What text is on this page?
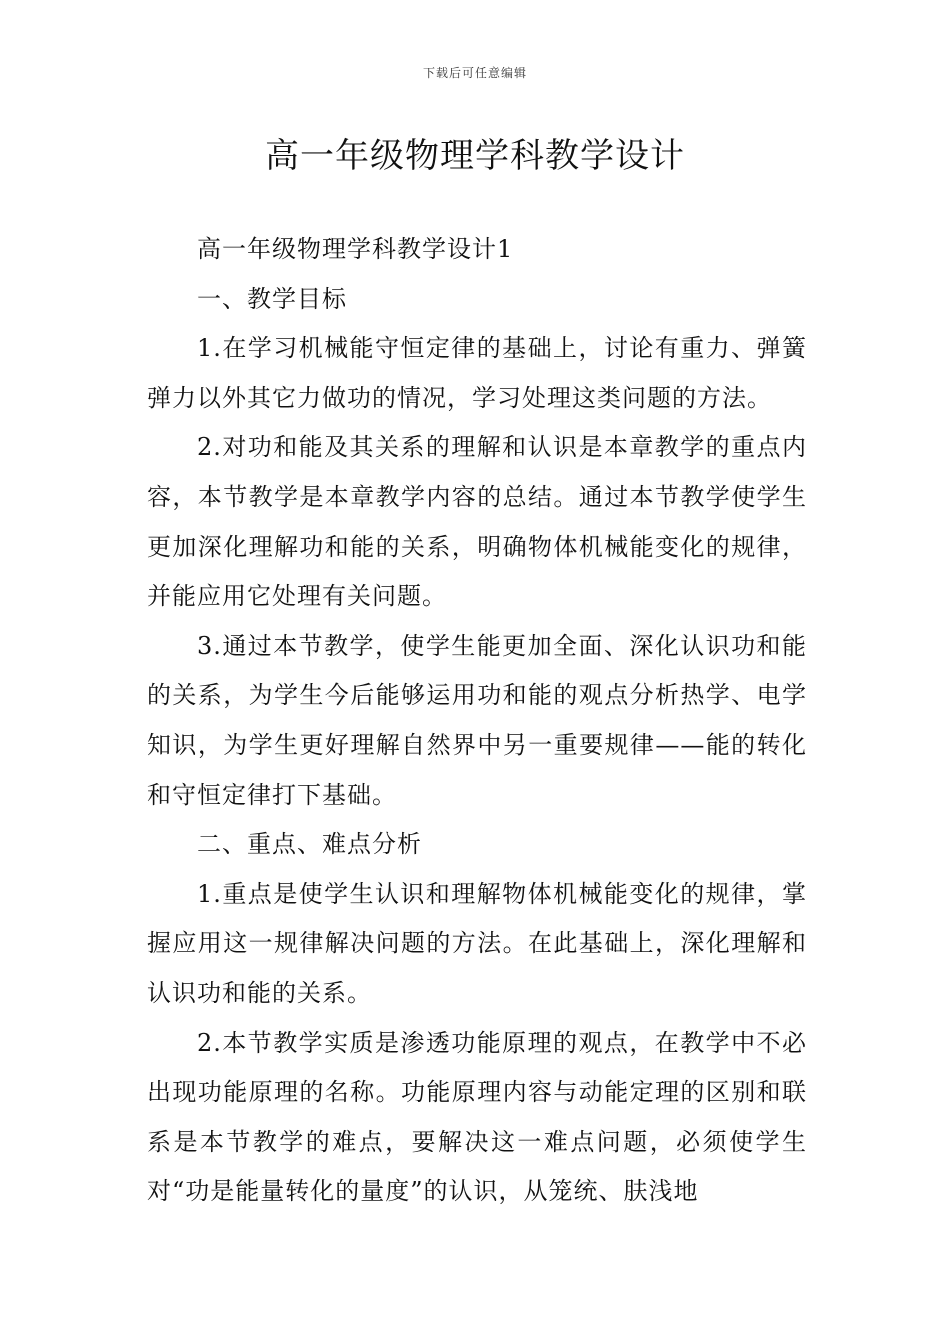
下载后可任意编辑
高一年级物理学科教学设计

高一年级物理学科教学设计1

一、教学目标

1.在学习机械能守恒定律的基础上，讨论有重力、弹簧弹力以外其它力做功的情况，学习处理这类问题的方法。

2.对功和能及其关系的理解和认识是本章教学的重点内容，本节教学是本章教学内容的总结。通过本节教学使学生更加深化理解功和能的关系，明确物体机械能变化的规律，并能应用它处理有关问题。

3.通过本节教学，使学生能更加全面、深化认识功和能的关系，为学生今后能够运用功和能的观点分析热学、电学知识，为学生更好理解自然界中另一重要规律——能的转化和守恒定律打下基础。

二、重点、难点分析

1.重点是使学生认识和理解物体机械能变化的规律，掌握应用这一规律解决问题的方法。在此基础上，深化理解和认识功和能的关系。

2.本节教学实质是渗透功能原理的观点，在教学中不必出现功能原理的名称。功能原理内容与动能定理的区别和联系是本节教学的难点，要解决这一难点问题，必须使学生对“功是能量转化的量度”的认识，从笼统、肤浅地
